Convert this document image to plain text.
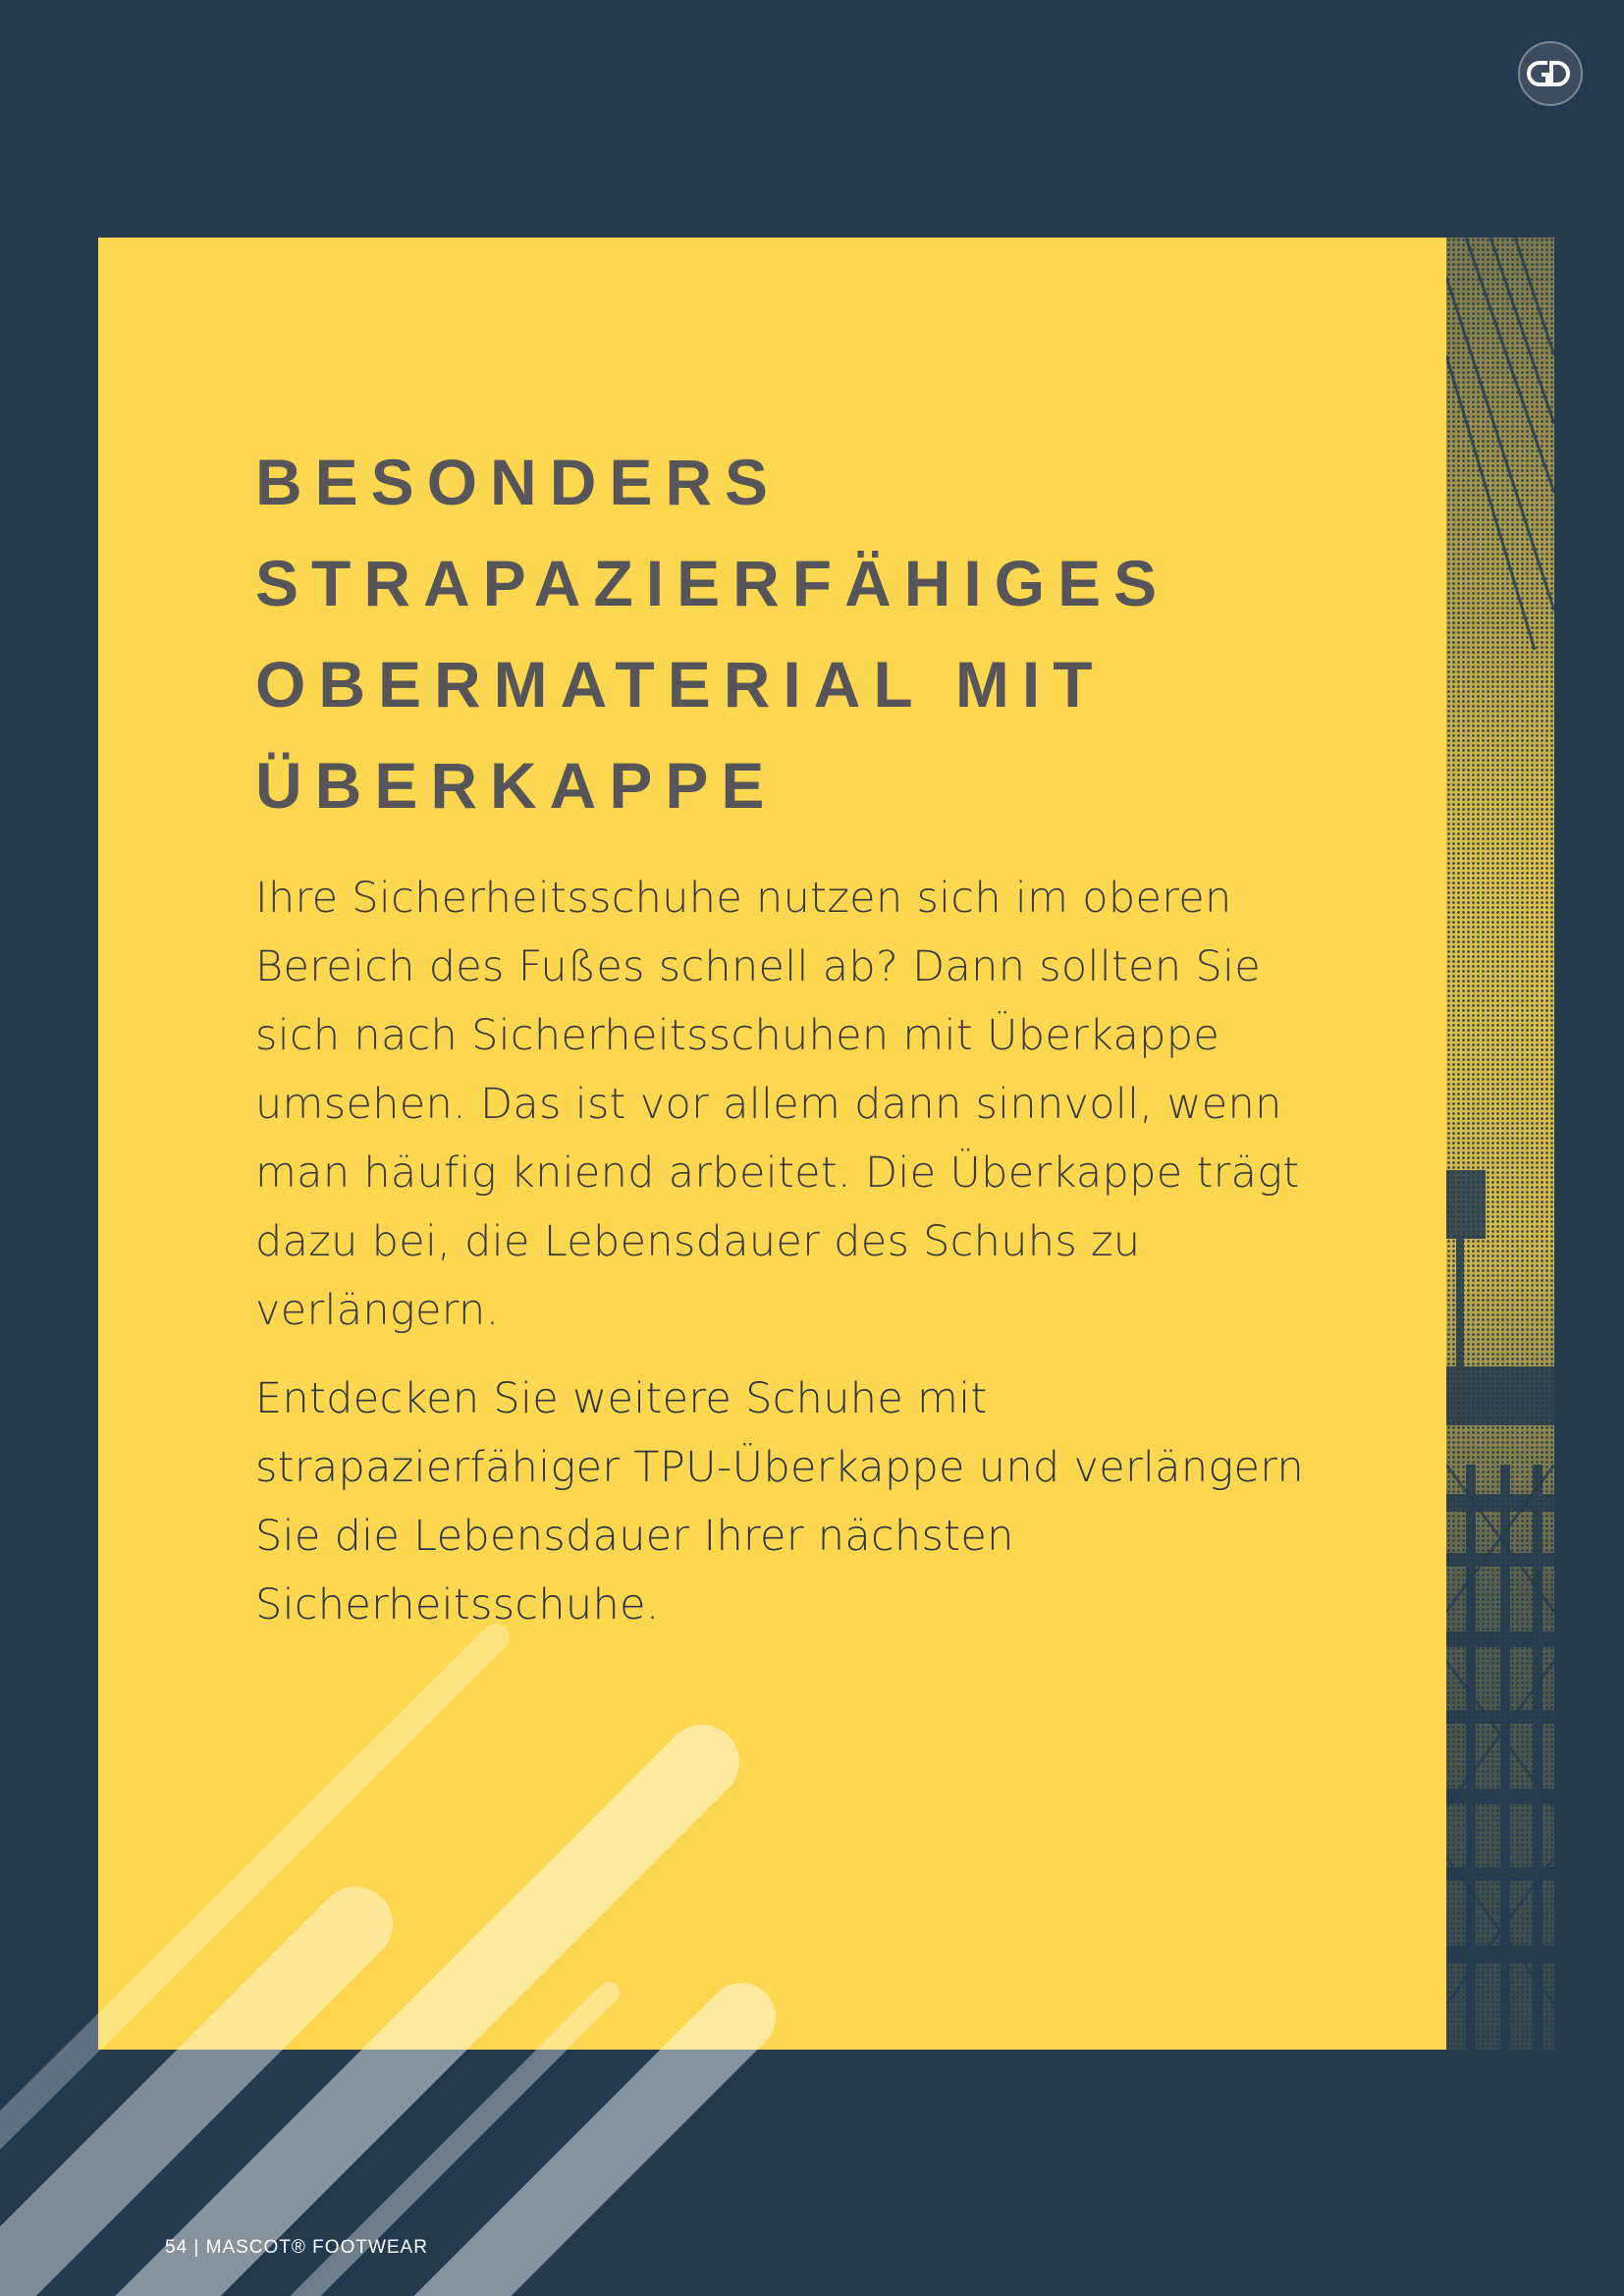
BESONDERS
STRAPAZIERFÄHIGES
OBERMATERIAL MIT
ÜBERKAPPE

Ihre Sicherheitsschuhe nutzen sich im oberen Bereich des Fußes schnell ab? Dann sollten Sie sich nach Sicherheitsschuhen mit Überkappe umsehen. Das ist vor allem dann sinnvoll, wenn man häufig kniend arbeitet. Die Überkappe trägt dazu bei, die Lebensdauer des Schuhs zu verlängern.

Entdecken Sie weitere Schuhe mit strapazierfähiger TPU-Überkappe und verlängern Sie die Lebensdauer Ihrer nächsten Sicherheitsschuhe.

54 | MASCOT® FOOTWEAR
